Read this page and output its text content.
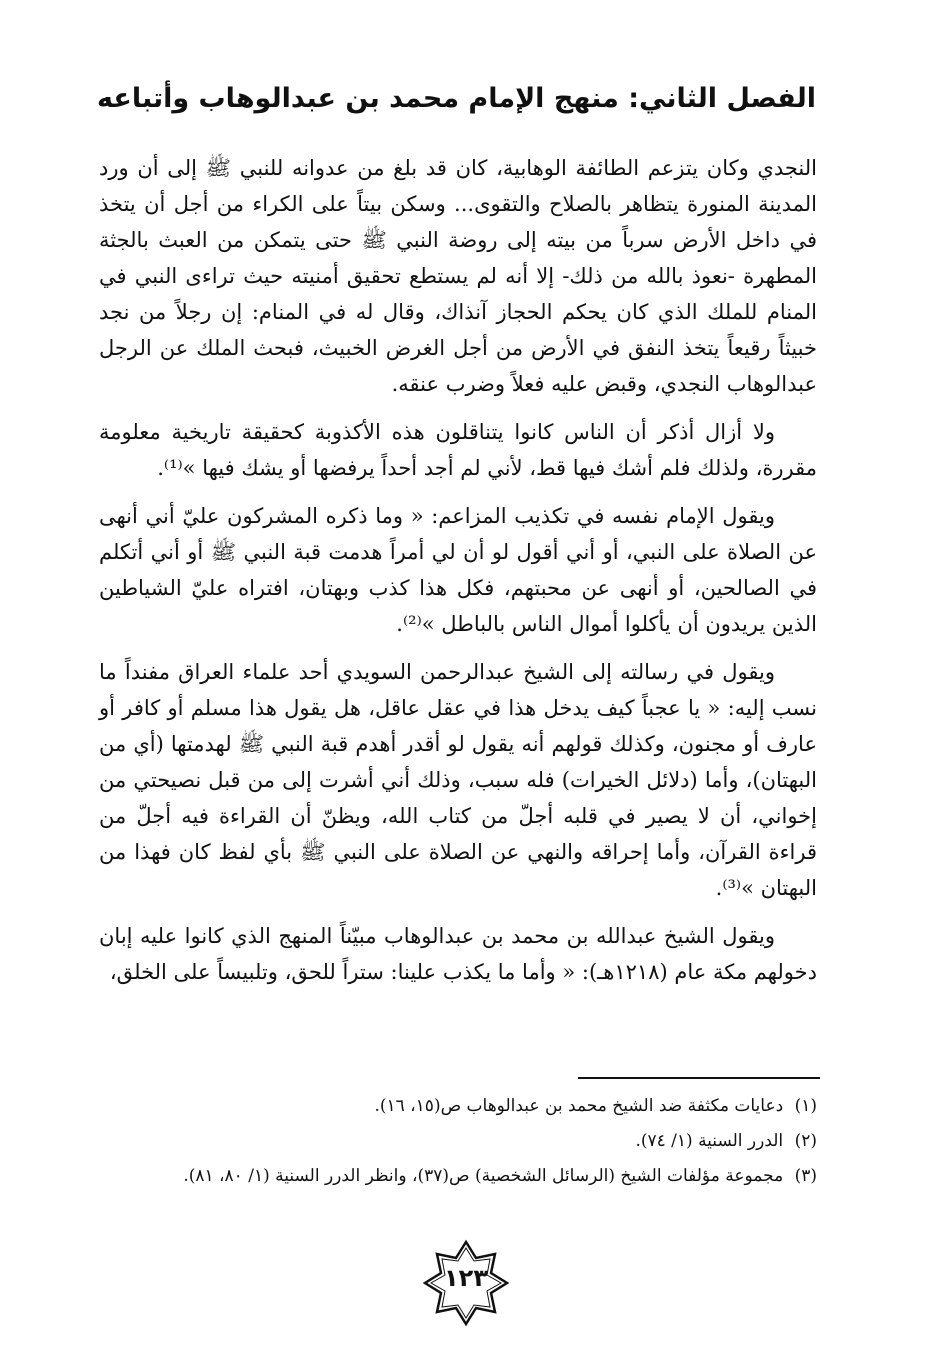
الفصل الثاني: منهج الإمام محمد بن عبدالوهاب وأتباعه

النجدي وكان يتزعم الطائفة الوهابية، كان قد بلغ من عدوانه للنبي ﷺ إلى أن ورد المدينة المنورة يتظاهر بالصلاح والتقوى... وسكن بيتاً على الكراء من أجل أن يتخذ في داخل الأرض سرباً من بيته إلى روضة النبي ﷺ حتى يتمكن من العبث بالجثة المطهرة -نعوذ بالله من ذلك- إلا أنه لم يستطع تحقيق أمنيته حيث تراءى النبي في المنام للملك الذي كان يحكم الحجاز آنذاك، وقال له في المنام: إن رجلاً من نجد خبيثاً رقيعاً يتخذ النفق في الأرض من أجل الغرض الخبيث، فبحث الملك عن الرجل عبدالوهاب النجدي، وقبض عليه فعلاً وضرب عنقه.

ولا أزال أذكر أن الناس كانوا يتناقلون هذه الأكذوبة كحقيقة تاريخية معلومة مقررة، ولذلك فلم أشك فيها قط، لأني لم أجد أحداً يرفضها أو يشك فيها »⁽¹⁾.

ويقول الإمام نفسه في تكذيب المزاعم: « وما ذكره المشركون عليّ أني أنهى عن الصلاة على النبي، أو أني أقول لو أن لي أمراً هدمت قبة النبي ﷺ أو أني أتكلم في الصالحين، أو أنهى عن محبتهم، فكل هذا كذب وبهتان، افتراه عليّ الشياطين الذين يريدون أن يأكلوا أموال الناس بالباطل »⁽²⁾.

ويقول في رسالته إلى الشيخ عبدالرحمن السويدي أحد علماء العراق مفنداً ما نسب إليه: « يا عجباً كيف يدخل هذا في عقل عاقل، هل يقول هذا مسلم أو كافر أو عارف أو مجنون، وكذلك قولهم أنه يقول لو أقدر أهدم قبة النبي ﷺ لهدمتها (أي من البهتان)، وأما (دلائل الخيرات) فله سبب، وذلك أني أشرت إلى من قبل نصيحتي من إخواني، أن لا يصير في قلبه أجلّ من كتاب الله، ويظنّ أن القراءة فيه أجلّ من قراءة القرآن، وأما إحراقه والنهي عن الصلاة على النبي ﷺ بأي لفظ كان فهذا من البهتان »⁽³⁾.

ويقول الشيخ عبدالله بن محمد بن عبدالوهاب مبيّناً المنهج الذي كانوا عليه إبان دخولهم مكة عام (١٢١٨هـ): « وأما ما يكذب علينا: ستراً للحق، وتلبيساً على الخلق،

(١) دعايات مكثفة ضد الشيخ محمد بن عبدالوهاب ص(١٥، ١٦).
(٢) الدرر السنية (١/ ٧٤).
(٣) مجموعة مؤلفات الشيخ (الرسائل الشخصية) ص(٣٧)، وانظر الدرر السنية (١/ ٨٠، ٨١).
١٢٣
